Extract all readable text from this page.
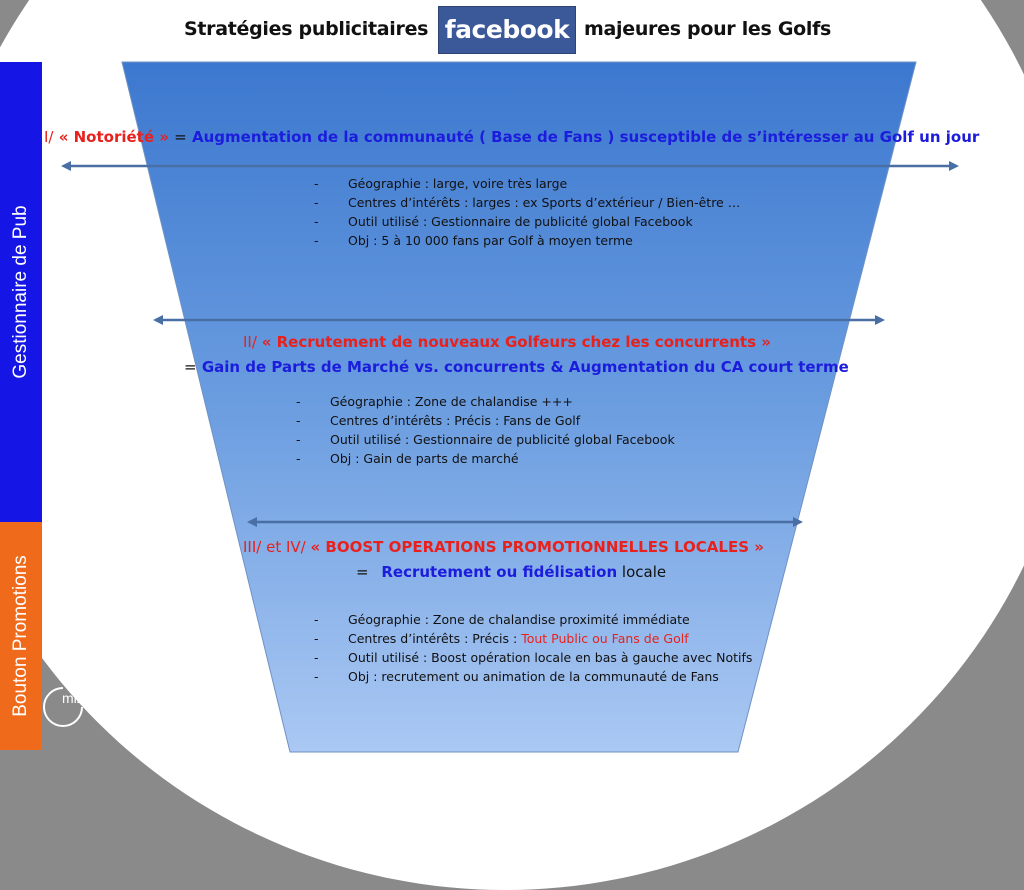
Stratégies publicitaires facebook majeures pour les Golfs
Gestionnaire de Pub
Bouton Promotions
I/ « Notoriété » = Augmentation de la communauté ( Base de Fans ) susceptible de s’intéresser au Golf un jour
- Géographie : large, voire très large
- Centres d’intérêts : larges : ex Sports d’extérieur / Bien-être …
- Outil utilisé : Gestionnaire de publicité global Facebook
- Obj : 5 à 10 000 fans par Golf à moyen terme
II/ « Recrutement de nouveaux Golfeurs chez les concurrents »
= Gain de Parts de Marché vs. concurrents & Augmentation du CA court terme
- Géographie : Zone de chalandise +++
- Centres d’intérêts : Précis : Fans de Golf
- Outil utilisé : Gestionnaire de publicité global Facebook
- Obj : Gain de parts de marché
III/ et IV/ « BOOST OPERATIONS PROMOTIONNELLES LOCALES »
= Recrutement ou fidélisation locale
- Géographie : Zone de chalandise proximité immédiate
- Centres d’intérêts : Précis : Tout Public ou Fans de Golf
- Outil utilisé : Boost opération locale en bas à gauche avec Notifs
- Obj : recrutement ou animation de la communauté de Fans
mize
